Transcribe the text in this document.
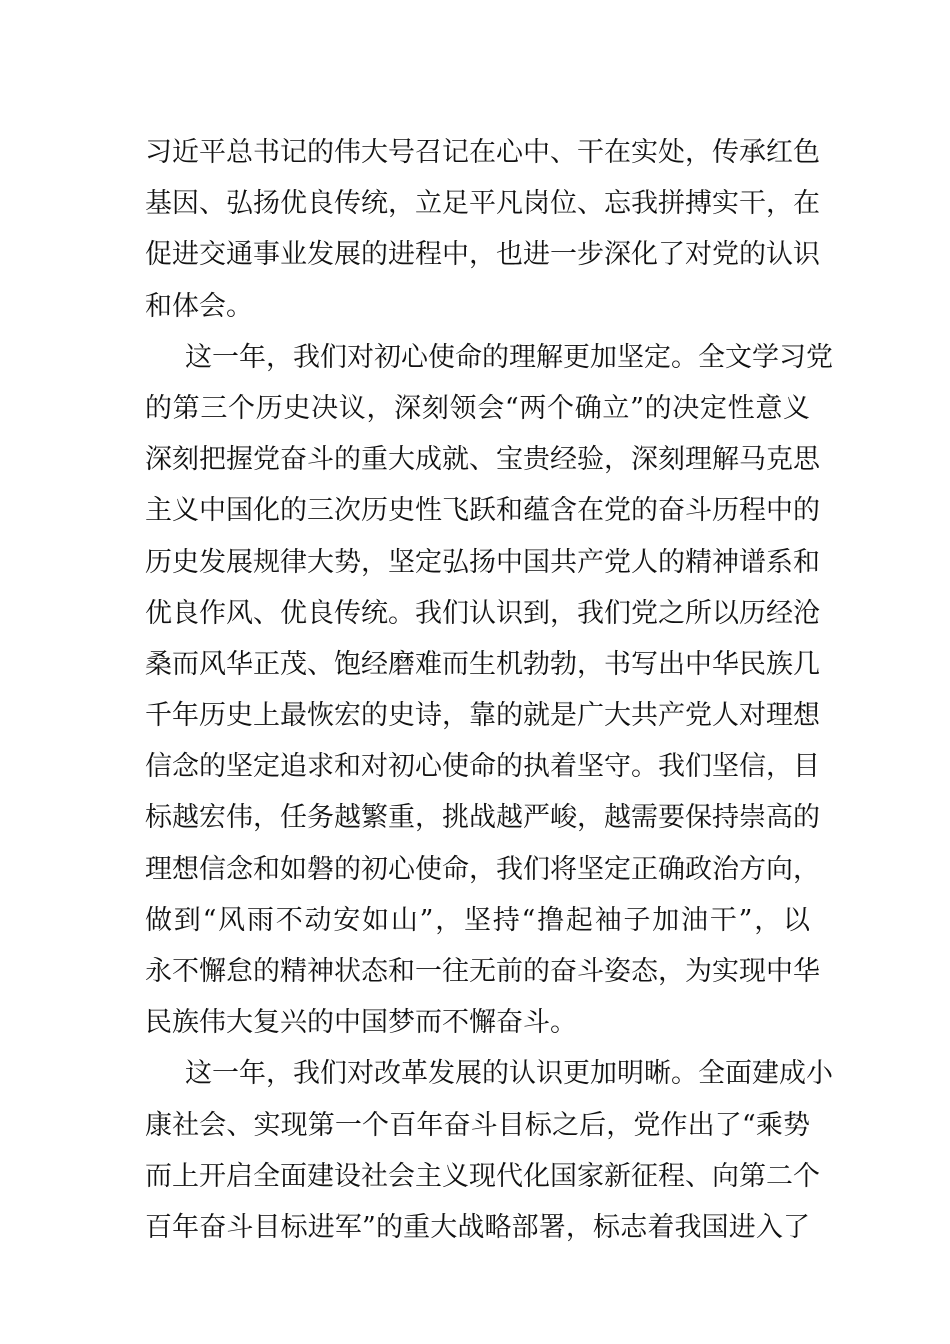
习近平总书记的伟大号召记在心中、干在实处，传承红色
基因、弘扬优良传统，立足平凡岗位、忘我拼搏实干，在
促进交通事业发展的进程中，也进一步深化了对党的认识
和体会。
这一年，我们对初心使命的理解更加坚定。全文学习党
的第三个历史决议，深刻领会“两个确立”的决定性意义
深刻把握党奋斗的重大成就、宝贵经验，深刻理解马克思
主义中国化的三次历史性飞跃和蕴含在党的奋斗历程中的
历史发展规律大势，坚定弘扬中国共产党人的精神谱系和
优良作风、优良传统。我们认识到，我们党之所以历经沧
桑而风华正茂、饱经磨难而生机勃勃，书写出中华民族几
千年历史上最恢宏的史诗，靠的就是广大共产党人对理想
信念的坚定追求和对初心使命的执着坚守。我们坚信，目
标越宏伟，任务越繁重，挑战越严峻，越需要保持崇高的
理想信念和如磐的初心使命，我们将坚定正确政治方向，
做到“风雨不动安如山”，坚持“撸起袖子加油干”，以
永不懈怠的精神状态和一往无前的奋斗姿态，为实现中华
民族伟大复兴的中国梦而不懈奋斗。
这一年，我们对改革发展的认识更加明晰。全面建成小
康社会、实现第一个百年奋斗目标之后，党作出了“乘势
而上开启全面建设社会主义现代化国家新征程、向第二个
百年奋斗目标进军”的重大战略部署，标志着我国进入了
